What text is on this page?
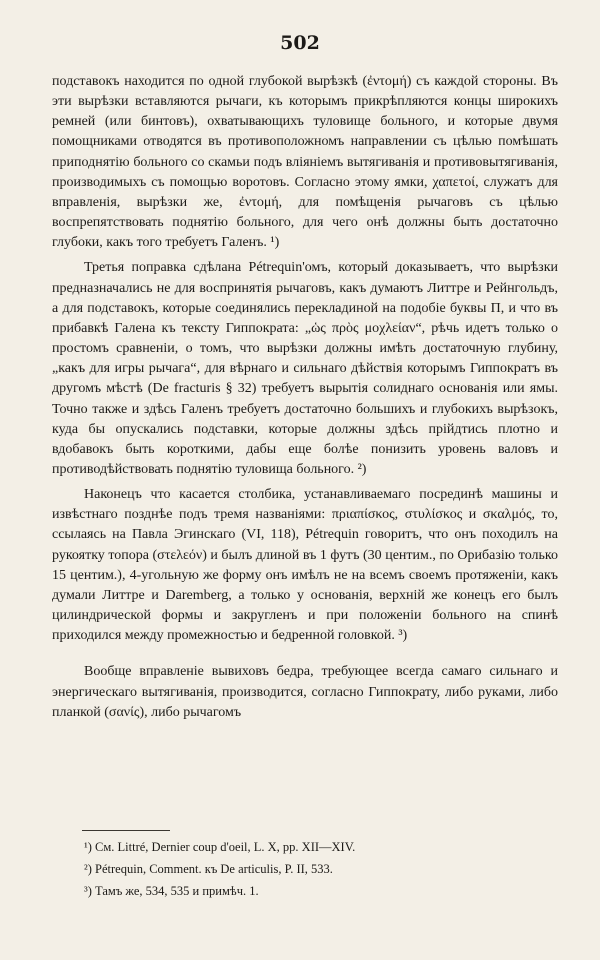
502

подставокъ находится по одной глубокой вырѣзкѣ (ἐντομή) съ каждой стороны. Въ эти вырѣзки вставляются рычаги, къ которымъ прикрѣпляются концы широкихъ ремней (или бинтовъ), охватывающихъ туловище больного, и которые двумя помощниками отводятся въ противоположномъ направлении съ цѣлью помѣшать приподнятію больного со скамьи подъ вліяніемъ вытягиванія и противовытягиванія, производимыхъ съ помощью воротовъ. Согласно этому ямки, χαπετοί, служатъ для вправленія, вырѣзки же, ἐντομή, для помѣщенія рычаговъ съ цѣлью воспрепятствовать поднятію больного, для чего онѣ должны быть достаточно глубоки, какъ того требуетъ Галенъ. ¹)

Третья поправка сдѣлана Pétrequin'омъ, который доказываетъ, что вырѣзки предназначались не для воспринятія рычаговъ, какъ думаютъ Литтре и Рейнгольдъ, а для подставокъ, которые соединялись перекладиной на подобіе буквы П, и что въ прибавкѣ Галена къ тексту Гиппократа: „ὡς πρὸς μοχλείαν“, рѣчь идетъ только о простомъ сравненіи, о томъ, что вырѣзки должны имѣть достаточную глубину, „какъ для игры рычага“, для вѣрнаго и сильнаго дѣйствія которымъ Гиппократъ въ другомъ мѣстѣ (De fracturis § 32) требуетъ вырытія солиднаго основанія или ямы. Точно также и здѣсь Галенъ требуетъ достаточно большихъ и глубокихъ вырѣзокъ, куда бы опускались подставки, которые должны здѣсь прійдтись плотно и вдобавокъ быть короткими, дабы еще болѣе понизить уровень валовъ и противодѣйствовать поднятію туловища больного. ²)

Наконецъ что касается столбика, устанавливаемаго посрединѣ машины и извѣстнаго позднѣе подъ тремя названіями: πριαπίσκος, στυλίσκος и σκαλμός, то, ссылаясь на Павла Эгинскаго (VI, 118), Pétrequin говоритъ, что онъ походилъ на рукоятку топора (στελεόν) и былъ длиной въ 1 футъ (30 центим., по Орибазію только 15 центим.), 4-угольную же форму онъ имѣлъ не на всемъ своемъ протяженіи, какъ думали Литтре и Daremberg, а только у основанія, верхній же конецъ его былъ цилиндрической формы и закругленъ и при положеніи больного на спинѣ приходился между промежностью и бедренной головкой. ³)

Вообще вправленіе вывиховъ бедра, требующее всегда самаго сильнаго и энергическаго вытягиванія, производится, согласно Гиппократу, либо руками, либо планкой (σανίς), либо рычагомъ

¹) См. Littré, Dernier coup d'oeil, L. X, pp. XII—XIV.

²) Pétrequin, Comment. къ De articulis, P. II, 533.

³) Тамъ же, 534, 535 и примѣч. 1.
